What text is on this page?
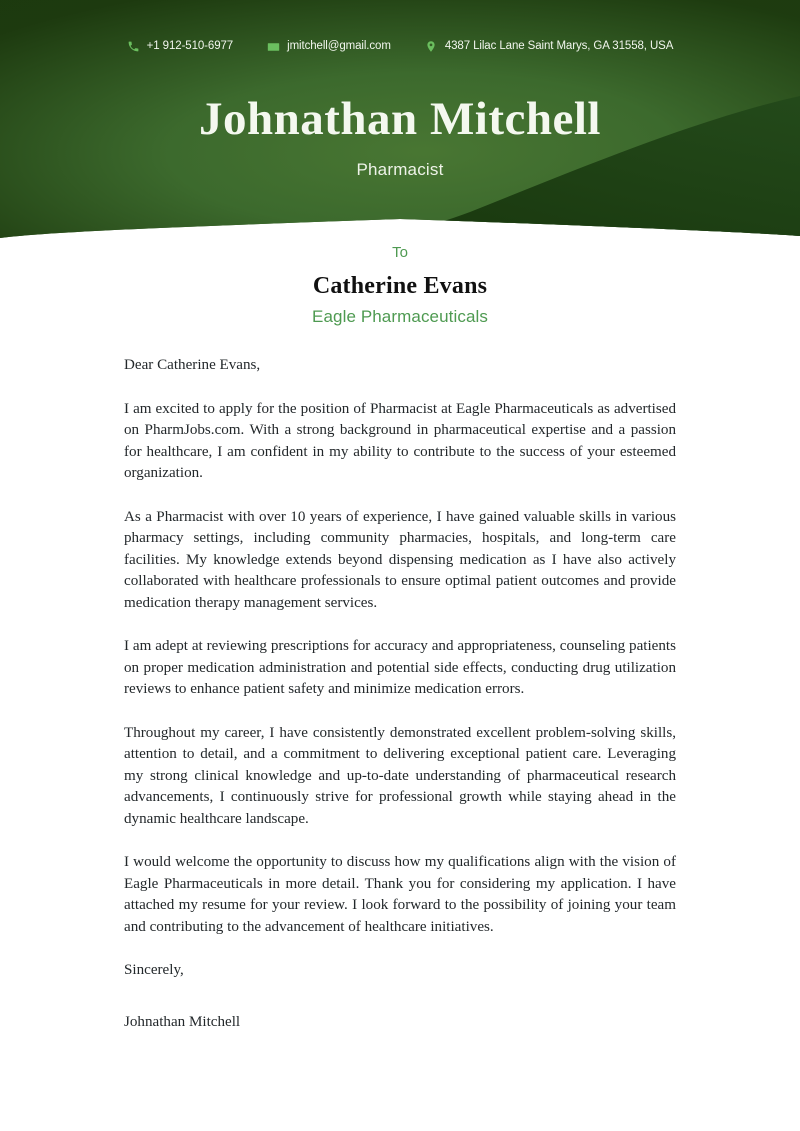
+1 912-510-6977	jmitchell@gmail.com	4387 Lilac Lane Saint Marys, GA 31558, USA
Johnathan Mitchell
Pharmacist
To
Catherine Evans
Eagle Pharmaceuticals
Dear Catherine Evans,

I am excited to apply for the position of Pharmacist at Eagle Pharmaceuticals as advertised on PharmJobs.com. With a strong background in pharmaceutical expertise and a passion for healthcare, I am confident in my ability to contribute to the success of your esteemed organization.

As a Pharmacist with over 10 years of experience, I have gained valuable skills in various pharmacy settings, including community pharmacies, hospitals, and long-term care facilities. My knowledge extends beyond dispensing medication as I have also actively collaborated with healthcare professionals to ensure optimal patient outcomes and provide medication therapy management services.

I am adept at reviewing prescriptions for accuracy and appropriateness, counseling patients on proper medication administration and potential side effects, conducting drug utilization reviews to enhance patient safety and minimize medication errors.

Throughout my career, I have consistently demonstrated excellent problem-solving skills, attention to detail, and a commitment to delivering exceptional patient care. Leveraging my strong clinical knowledge and up-to-date understanding of pharmaceutical research advancements, I continuously strive for professional growth while staying ahead in the dynamic healthcare landscape.

I would welcome the opportunity to discuss how my qualifications align with the vision of Eagle Pharmaceuticals in more detail. Thank you for considering my application. I have attached my resume for your review. I look forward to the possibility of joining your team and contributing to the advancement of healthcare initiatives.

Sincerely,
Johnathan Mitchell
